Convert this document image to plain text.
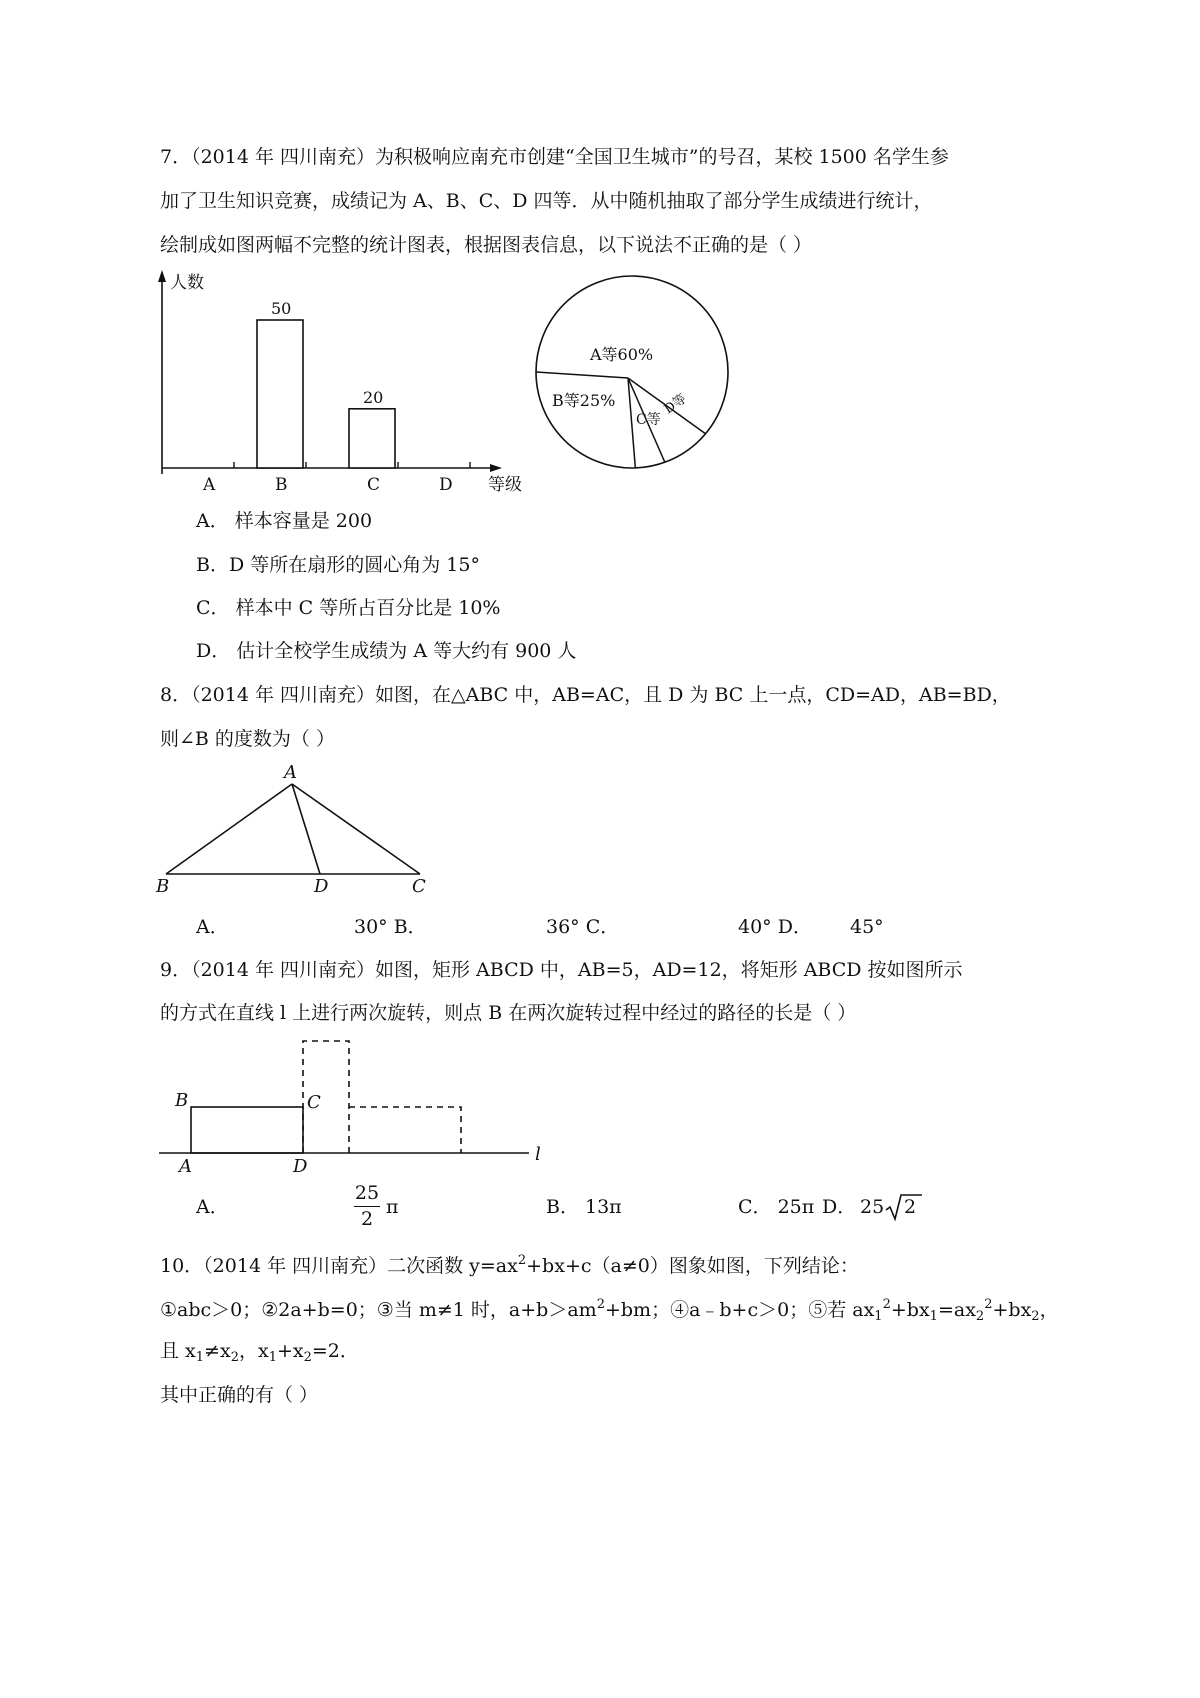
7．（2014 年 四川南充）为积极响应南充市创建“全国卫生城市”的号召，某校 1500 名学生参
加了卫生知识竞赛，成绩记为 A、B、C、D 四等．从中随机抽取了部分学生成绩进行统计，
绘制成如图两幅不完整的统计图表，根据图表信息，以下说法不正确的是（ ）
人数
等级
A	B
50
C
20
D
A等60%
B等25%
C等
D等
A． 样本容量是 200
B．D 等所在扇形的圆心角为 15°
C． 样本中 C 等所占百分比是 10%
D． 估计全校学生成绩为 A 等大约有 900 人
8．（2014 年 四川南充）如图，在△ABC 中，AB=AC，且 D 为 BC 上一点，CD=AD，AB=BD，
则∠B 的度数为（ ）
A
B	D	C
A．	30° B．	36° C．	40° D． 45°
9．（2014 年 四川南充）如图，矩形 ABCD 中，AB=5，AD=12，将矩形 ABCD 按如图所示
的方式在直线 l 上进行两次旋转，则点 B 在两次旋转过程中经过的路径的长是（ ）
B	C
A	D
l
A．
25
2
π	B． 13π	C． 25π D． 25 2
10．（2014 年 四川南充）二次函数 $y=ax^2+bx+c(a\ne 0)$图象如图，下列结论：
①abc＞0；②2a+b=0；③当 m≠1 时，$a+b>am^2+bm$；④a﹣b+c＞0；⑤若 $ax_1^2+bx_1=ax_2^2+bx_2$，
且 $x_1\ne x_2$，$x_1+x_2=2$．
其中正确的有（ ）
